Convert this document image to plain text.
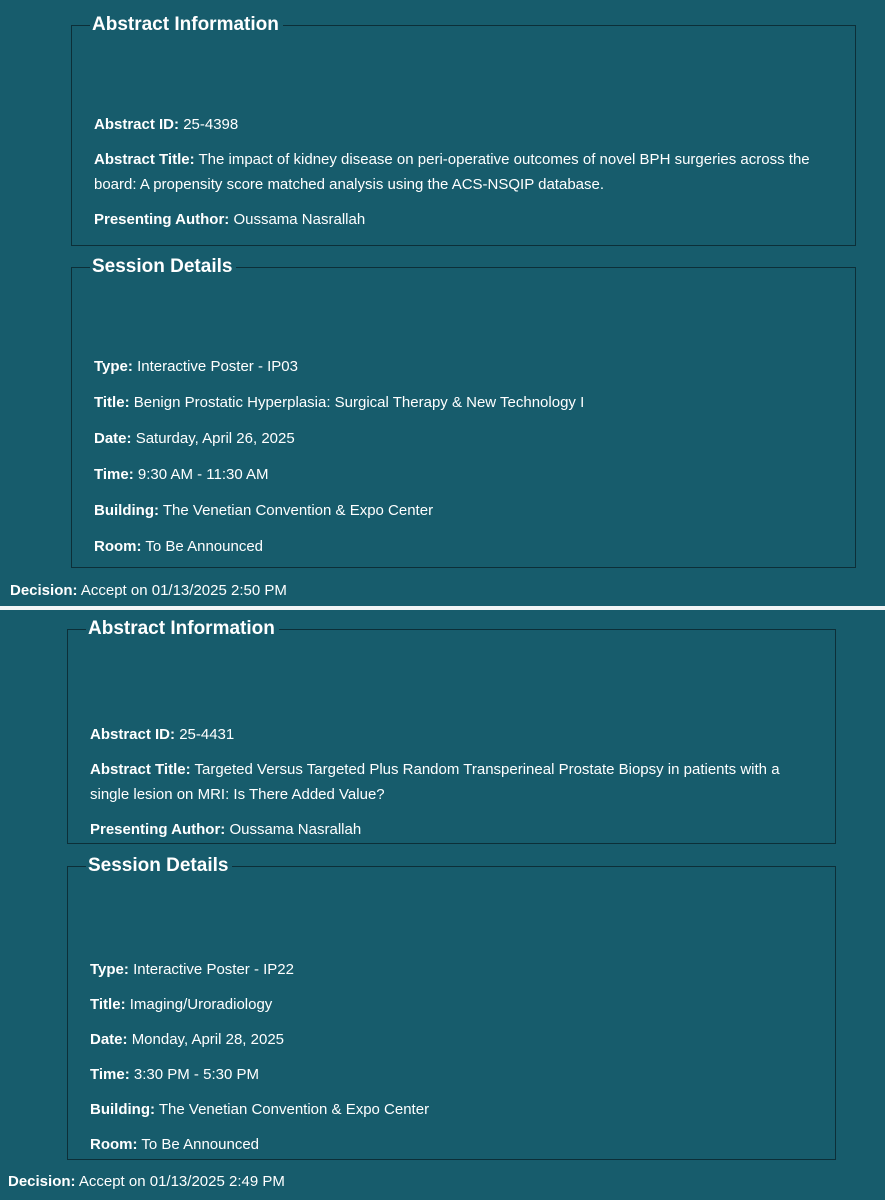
Abstract Information

Abstract ID: 25-4398

Abstract Title: The impact of kidney disease on peri-operative outcomes of novel BPH surgeries across the board: A propensity score matched analysis using the ACS-NSQIP database.

Presenting Author: Oussama Nasrallah

Session Details

Type: Interactive Poster - IP03

Title: Benign Prostatic Hyperplasia: Surgical Therapy & New Technology I

Date: Saturday, April 26, 2025

Time: 9:30 AM - 11:30 AM

Building: The Venetian Convention & Expo Center

Room: To Be Announced

Decision: Accept on 01/13/2025 2:50 PM
Abstract Information

Abstract ID: 25-4431

Abstract Title: Targeted Versus Targeted Plus Random Transperineal Prostate Biopsy in patients with a single lesion on MRI: Is There Added Value?

Presenting Author: Oussama Nasrallah

Session Details

Type: Interactive Poster - IP22

Title: Imaging/Uroradiology

Date: Monday, April 28, 2025

Time: 3:30 PM - 5:30 PM

Building: The Venetian Convention & Expo Center

Room: To Be Announced

Decision: Accept on 01/13/2025 2:49 PM
